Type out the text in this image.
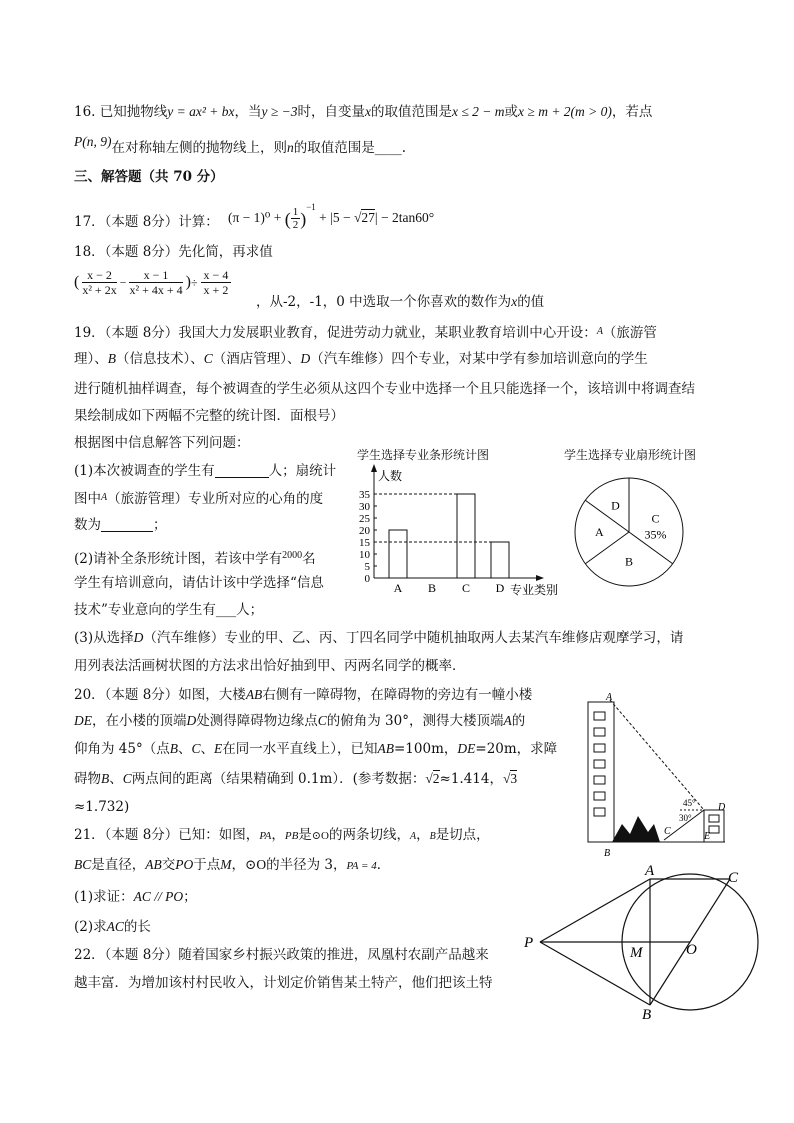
16. 已知抛物线y = ax² + bx，当y ≥ −3时，自变量x的取值范围是x ≤ 2 − m或x ≥ m + 2(m > 0)，若点
P(n, 9)在对称轴左侧的抛物线上，则n的取值范围是____.
三、解答题（共 70 分）
17．（本题 8分）计算： (π − 1)⁰ + ( $\frac{1}{2} )^{-1} + |5 - √27| - 2\tan 60^\circ$
18．（本题 8分）先化简，再求值
( $\frac{x - 2}{\text{x² + 2x}} - \frac{x - 1}{\text{x² + 4x + 4}}$ )÷ $\frac{x - 4}{x + 2}$
，从-2，-1，0 中选取一个你喜欢的数作为x的值
19．（本题 8分）我国大力发展职业教育，促进劳动力就业，某职业教育培训中心开设：$^A$（旅游管
理）、B（信息技术）、C（酒店管理）、D（汽车维修）四个专业，对某中学有参加培训意向的学生
进行随机抽样调查，每个被调查的学生必须从这四个专业中选择一个且只能选择一个，该培训中将调查结
果绘制成如下两幅不完整的统计图．面根号）
根据图中信息解答下列问题：
(1)本次被调查的学生有	人；扇统计
图中$^A$（旅游管理）专业所对应的心角的度
数为	；
(2)请补全条形统计图，若该中学有$^{2000}$名
学生有培训意向，请估计该中学选择“信息
技术”专业意向的学生有___人；
(3)从选择D（汽车维修）专业的甲、乙、丙、丁四名同学中随机抽取两人去某汽车维修店观摩学习，请
用列表法活画树状图的方法求出恰好抽到甲、丙两名同学的概率．
学生选择专业条形统计图
人数
专业类别
0
5
10
15
20
25
30
35
A B C D
学生选择专业扇形统计图
C
35%
B
A
D
20．（本题 8分）如图，大楼AB右侧有一障碍物，在障碍物的旁边有一幢小楼
DE，在小楼的顶端D处测得障碍物边缘点C的俯角为 30°，测得大楼顶端A的
仰角为 45°（点B、C、E在同一水平直线上），已知AB=100m，DE=20m，求障
碍物B、C两点间的距离（结果精确到 0.1m）．(参考数据：√2≈1.414，√3
≈1.732)
A
B
C
D
E
45°
30°
21．（本题 8分）已知：如图，PA，PB是⊙O的两条切线，A，B是切点，
BC是直径，AB交PO于点M，⊙O的半径为 3，PA = 4．
(1)求证：AC // PO；
(2)求AC的长
A
B
C
P
M	O
22．（本题 8分）随着国家乡村振兴政策的推进，凤凰村农副产品越来
越丰富．为增加该村村民收入，计划定价销售某土特产，他们把该土特
